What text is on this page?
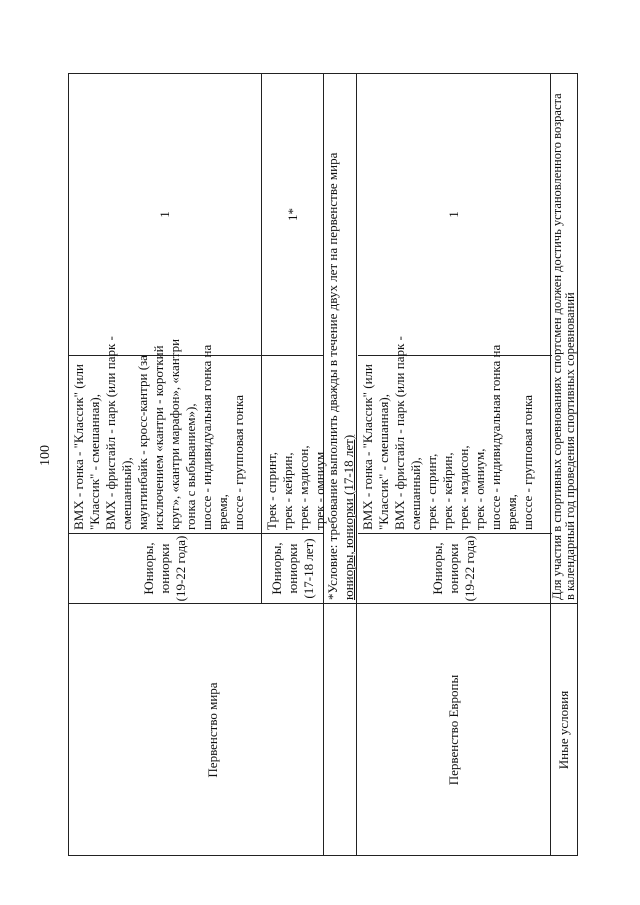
100
Первенство мира
Юниоры, юниорки (19-22 года)
BMX - гонка - "Классик" (или "Классик" - смешанная), BMX - фристайл - парк (или парк - смешанный), маунтинбайк - кросс-кантри (за исключением «кантри - короткий круг», «кантри марафон», «кантри гонка с выбыванием»), шоссе - индивидуальная гонка на время, шоссе - групповая гонка
1
Юниоры, юниорки (17-18 лет)
Трек - спринт, трек - кейрин, трек - мэдисон, трек - омниум
1*	*Условие: требование выполнить дважды в течение двух лет на первенстве мира юниоры, юниорки (17-18 лет)
Первенство Европы
Юниоры, юниорки (19-22 года)
BMX - гонка - "Классик" (или "Классик" - смешанная), BMX - фристайл - парк (или парк - смешанный), трек - спринт, трек - кейрин, трек - мэдисон, трек - омниум, шоссе - индивидуальная гонка на время, шоссе - групповая гонка
1
Иные условия
Для участия в спортивных соревнованиях спортсмен должен достичь установленного возраста в календарный год проведения спортивных соревнований
